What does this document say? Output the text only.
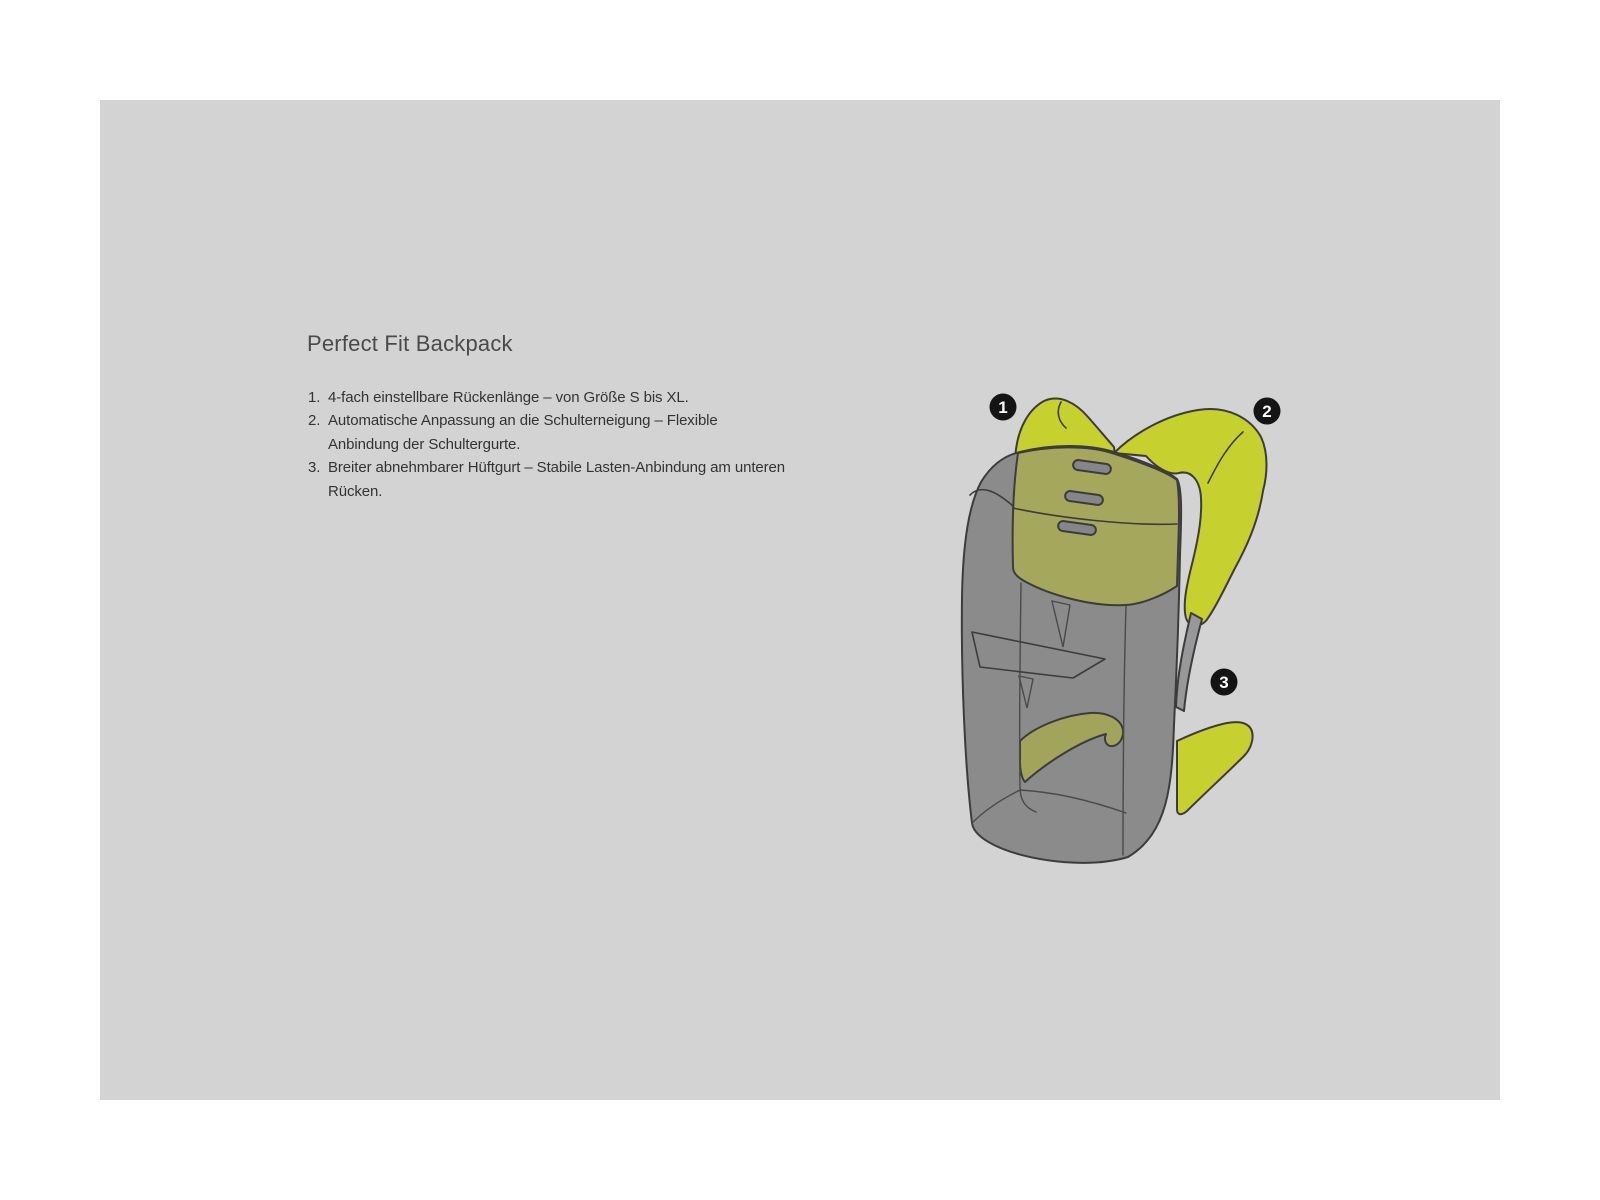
Perfect Fit Backpack
1. 4-fach einstellbare Rückenlänge – von Größe S bis XL.
2. Automatische Anpassung an die Schulterneigung – Flexible
Anbindung der Schultergurte.
3. Breiter abnehmbarer Hüftgurt – Stabile Lasten-Anbindung am unteren
Rücken.
1	2
3
